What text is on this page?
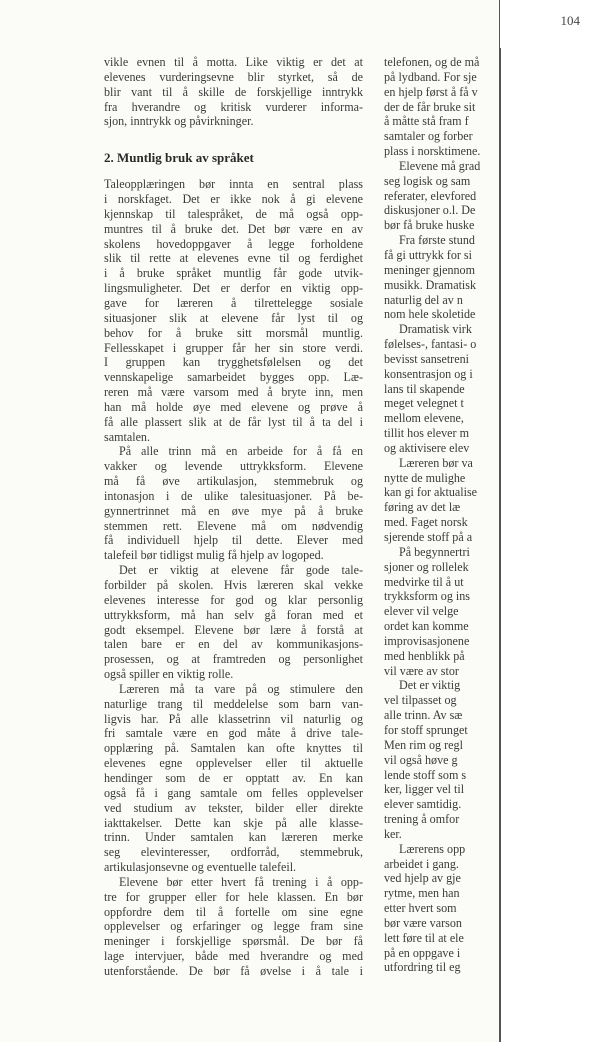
104
vikle evnen til å motta. Like viktig er det at
elevenes vurderingsevne blir styrket, så de
blir vant til å skille de forskjellige inntrykk
fra hverandre og kritisk vurderer informa-
sjon, inntrykk og påvirkninger.
2. Muntlig bruk av språket
Taleopplæringen bør innta en sentral plass
i norskfaget. Det er ikke nok å gi elevene
kjennskap til talespråket, de må også opp-
muntres til å bruke det. Det bør være en av
skolens hovedoppgaver å legge forholdene
slik til rette at elevenes evne til og ferdighet
i å bruke språket muntlig får gode utvik-
lingsmuligheter. Det er derfor en viktig opp-
gave for læreren å tilrettelegge sosiale
situasjoner slik at elevene får lyst til og
behov for å bruke sitt morsmål muntlig.
Fellesskapet i grupper får her sin store verdi.
I gruppen kan trygghetsfølelsen og det
vennskapelige samarbeidet bygges opp. Læ-
reren må være varsom med å bryte inn, men
han må holde øye med elevene og prøve å
få alle plassert slik at de får lyst til å ta del i
samtalen.
På alle trinn må en arbeide for å få en
vakker og levende uttrykksform. Elevene
må få øve artikulasjon, stemmebruk og
intonasjon i de ulike talesituasjoner. På be-
gynnertrinnet må en øve mye på å bruke
stemmen rett. Elevene må om nødvendig
få individuell hjelp til dette. Elever med
talefeil bør tidligst mulig få hjelp av logoped.
Det er viktig at elevene får gode tale-
forbilder på skolen. Hvis læreren skal vekke
elevenes interesse for god og klar personlig
uttrykksform, må han selv gå foran med et
godt eksempel. Elevene bør lære å forstå at
talen bare er en del av kommunikasjons-
prosessen, og at framtreden og personlighet
også spiller en viktig rolle.
Læreren må ta vare på og stimulere den
naturlige trang til meddelelse som barn van-
ligvis har. På alle klassetrinn vil naturlig og
fri samtale være en god måte å drive tale-
opplæring på. Samtalen kan ofte knyttes til
elevenes egne opplevelser eller til aktuelle
hendinger som de er opptatt av. En kan
også få i gang samtale om felles opplevelser
ved studium av tekster, bilder eller direkte
iakttakelser. Dette kan skje på alle klasse-
trinn. Under samtalen kan læreren merke
seg elevinteresser, ordforråd, stemmebruk,
artikulasjonsevne og eventuelle talefeil.
Elevene bør etter hvert få trening i å opp-
tre for grupper eller for hele klassen. En bør
oppfordre dem til å fortelle om sine egne
opplevelser og erfaringer og legge fram sine
meninger i forskjellige spørsmål. De bør få
lage intervjuer, både med hverandre og med
utenforstående. De bør få øvelse i å tale i
telefonen, og de må
på lydband. For sje
en hjelp først å få v
der de får bruke sit
å måtte stå fram f
samtaler og forber
plass i norsktimene.
Elevene må grad
seg logisk og sam
referater, elevfored
diskusjoner o.l. De
bør få bruke huske
Fra første stund
få gi uttrykk for si
meninger gjennom
musikk. Dramatisk
naturlig del av n
nom hele skoletide
Dramatisk virk
følelses-, fantasi- o
bevisst sansetreni
konsentrasjon og i
lans til skapende
meget velegnet t
mellom elevene,
tillit hos elever m
og aktivisere elev
Læreren bør va
nytte de mulighe
kan gi for aktualise
føring av det læ
med. Faget norsk
sjerende stoff på a
På begynnertri
sjoner og rollelek
medvirke til å ut
trykksform og ins
elever vil velge
ordet kan komme
improvisasjonene
med henblikk på
vil være av stor
Det er viktig
vel tilpasset og
alle trinn. Av sæ
for stoff sprunget
Men rim og regl
vil også høve g
lende stoff som s
ker, ligger vel til
elever samtidig.
trening å omfor
ker.
Lærerens opp
arbeidet i gang.
ved hjelp av gje
rytme, men han
etter hvert som
bør være varson
lett føre til at ele
på en oppgave i
utfordring til eg
